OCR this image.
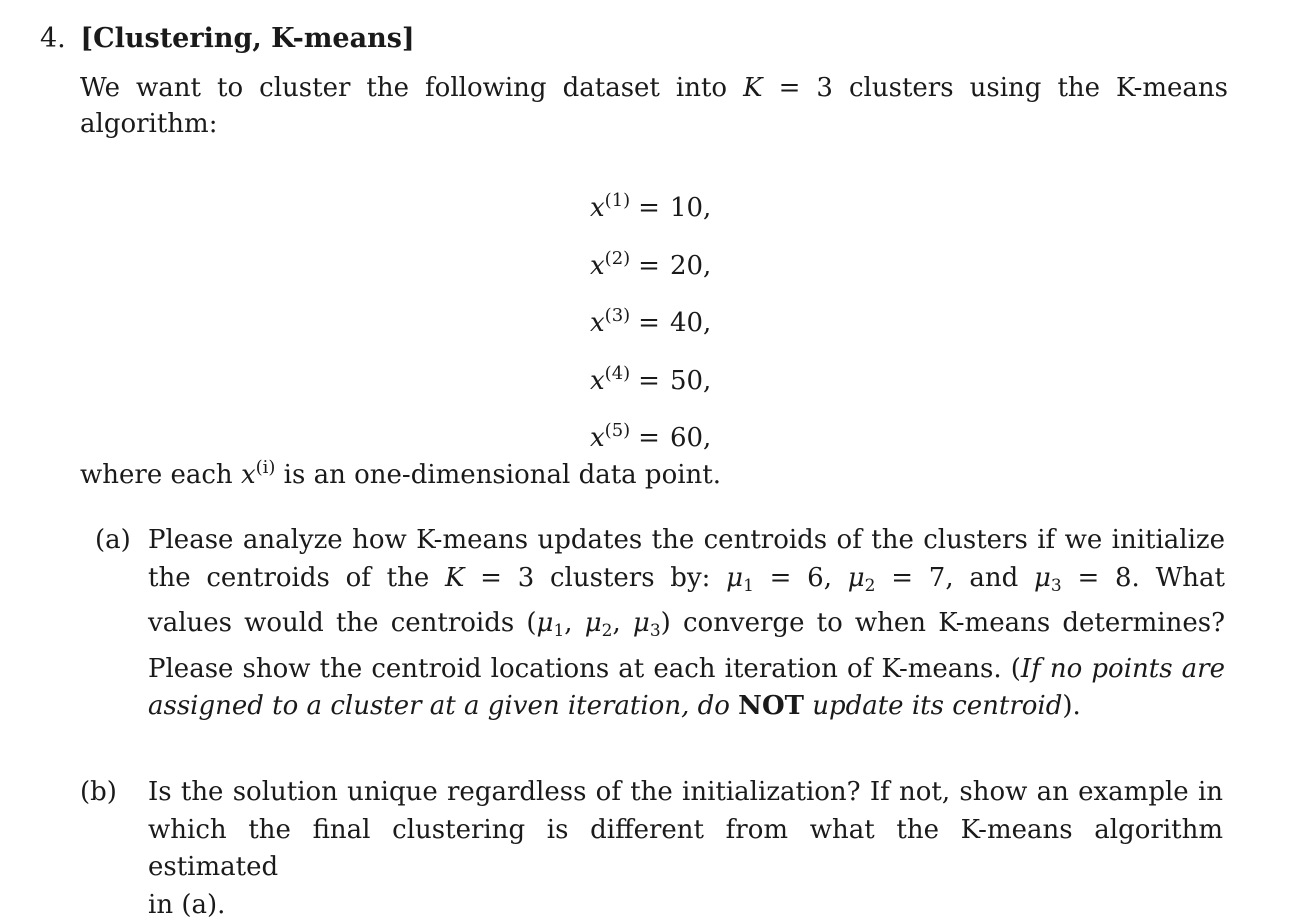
4. [Clustering, K-means]
We want to cluster the following dataset into K = 3 clusters using the K-means
algorithm:
$x^{(1)} = 10$,
$x^{(2)} = 20$,
$x^{(3)} = 40$,
$x^{(4)} = 50$,
$x^{(5)} = 60$,
where each $x^{(i)}$ is an one-dimensional data point.
(a) Please analyze how K-means updates the centroids of the clusters if we initialize
the centroids of the K = 3 clusters by: $\mu_1 = 6$, $\mu_2 = 7$, and $\mu_3 = 8$. What
values would the centroids ($\mu_1$, $\mu_2$, $\mu_3$) converge to when K-means determines?
Please show the centroid locations at each iteration of K-means. (If no points are
assigned to a cluster at a given iteration, do NOT update its centroid).
(b) Is the solution unique regardless of the initialization? If not, show an example in
which the final clustering is different from what the K-means algorithm estimated
in (a).
